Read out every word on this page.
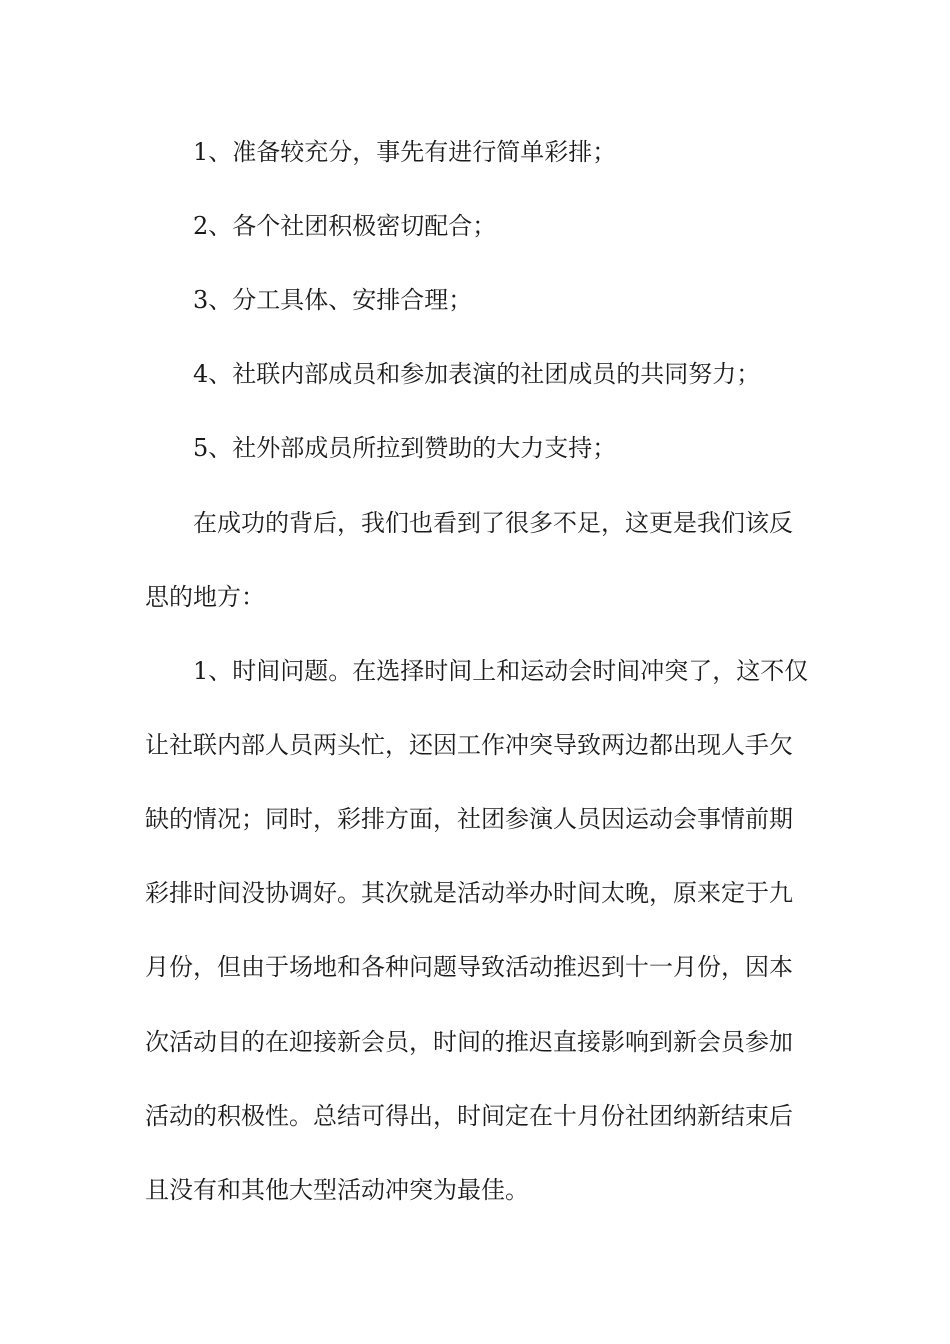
1、准备较充分，事先有进行简单彩排；
2、各个社团积极密切配合；
3、分工具体、安排合理；
4、社联内部成员和参加表演的社团成员的共同努力；
5、社外部成员所拉到赞助的大力支持；
在成功的背后，我们也看到了很多不足，这更是我们该反
思的地方：
1、时间问题。在选择时间上和运动会时间冲突了，这不仅
让社联内部人员两头忙，还因工作冲突导致两边都出现人手欠
缺的情况；同时，彩排方面，社团参演人员因运动会事情前期
彩排时间没协调好。其次就是活动举办时间太晚，原来定于九
月份，但由于场地和各种问题导致活动推迟到十一月份，因本
次活动目的在迎接新会员，时间的推迟直接影响到新会员参加
活动的积极性。总结可得出，时间定在十月份社团纳新结束后
且没有和其他大型活动冲突为最佳。
